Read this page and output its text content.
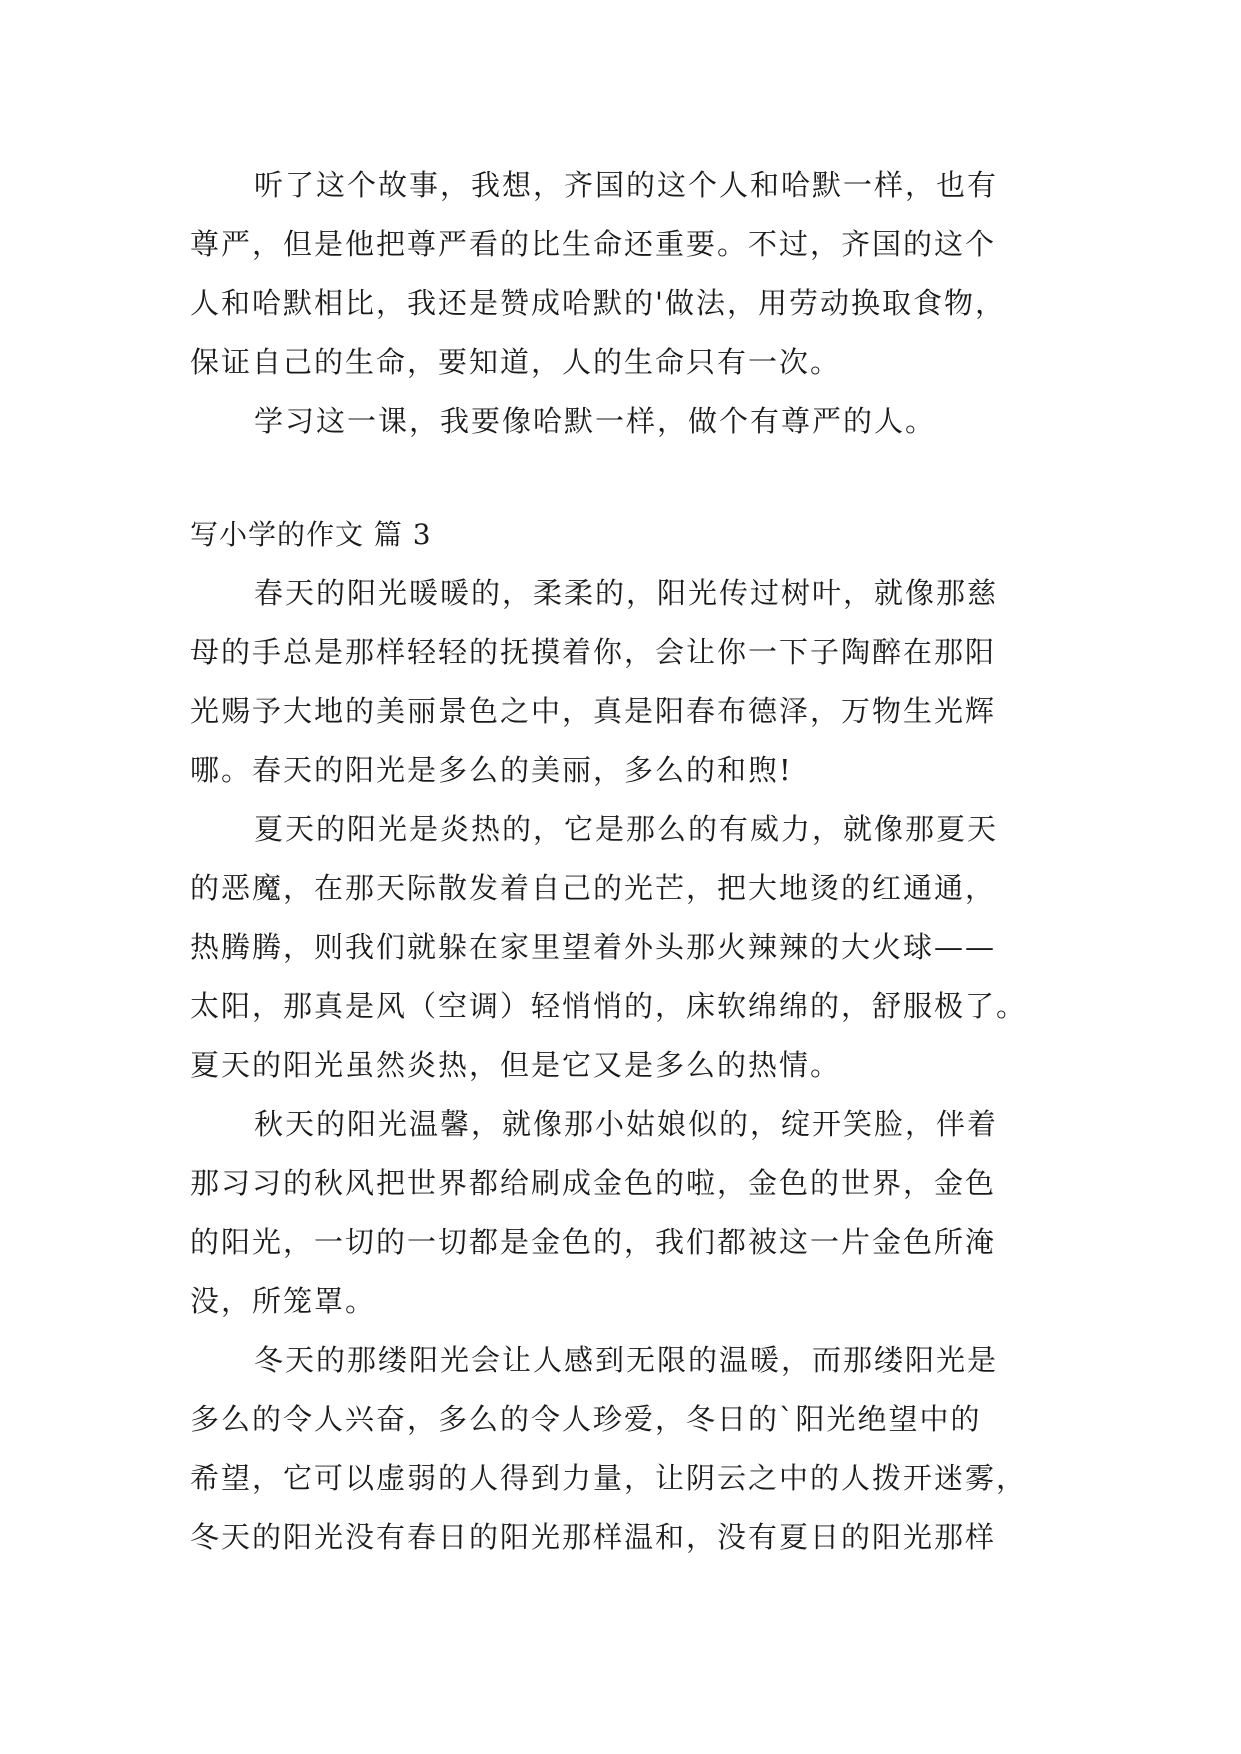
听了这个故事，我想，齐国的这个人和哈默一样，也有
尊严，但是他把尊严看的比生命还重要。不过，齐国的这个
人和哈默相比，我还是赞成哈默的'做法，用劳动换取食物，
保证自己的生命，要知道，人的生命只有一次。
学习这一课，我要像哈默一样，做个有尊严的人。
写小学的作文 篇 3
春天的阳光暖暖的，柔柔的，阳光传过树叶，就像那慈
母的手总是那样轻轻的抚摸着你，会让你一下子陶醉在那阳
光赐予大地的美丽景色之中，真是阳春布德泽，万物生光辉
哪。春天的阳光是多么的美丽，多么的和煦!
夏天的阳光是炎热的，它是那么的有威力，就像那夏天
的恶魔，在那天际散发着自己的光芒，把大地烫的红通通，
热腾腾，则我们就躲在家里望着外头那火辣辣的大火球——
太阳，那真是风（空调）轻悄悄的，床软绵绵的，舒服极了。
夏天的阳光虽然炎热，但是它又是多么的热情。
秋天的阳光温馨，就像那小姑娘似的，绽开笑脸，伴着
那习习的秋风把世界都给刷成金色的啦，金色的世界，金色
的阳光，一切的一切都是金色的，我们都被这一片金色所淹
没，所笼罩。
冬天的那缕阳光会让人感到无限的温暖，而那缕阳光是
多么的令人兴奋，多么的令人珍爱，冬日的`阳光绝望中的
希望，它可以虚弱的人得到力量，让阴云之中的人拨开迷雾，
冬天的阳光没有春日的阳光那样温和，没有夏日的阳光那样
